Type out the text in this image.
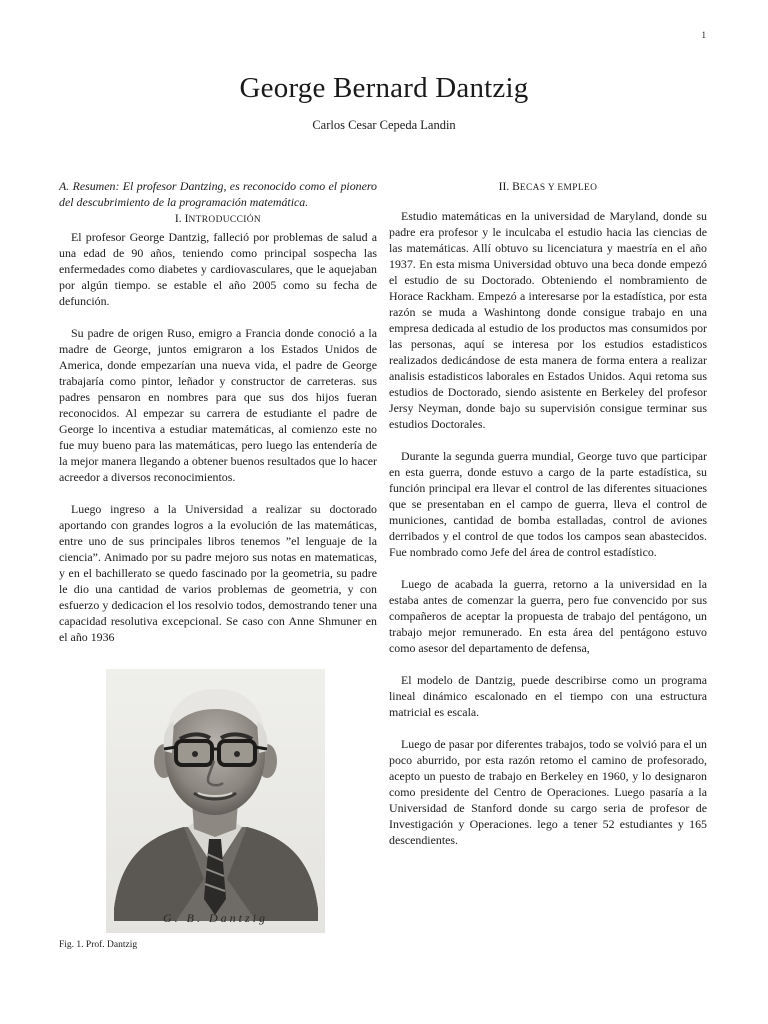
1
George Bernard Dantzig
Carlos Cesar Cepeda Landin

A. Resumen: El profesor Dantzing, es reconocido como el pionero del descubrimiento de la programación matemática.

I. INTRODUCCIÓN

El profesor George Dantzig, falleció por problemas de salud a una edad de 90 años, teniendo como principal sospecha las enfermedades como diabetes y cardiovasculares, que le aquejaban por algún tiempo. se estable el año 2005 como su fecha de defunción.

Su padre de origen Ruso, emigro a Francia donde conoció a la madre de George, juntos emigraron a los Estados Unidos de America, donde empezarían una nueva vida, el padre de George trabajaría como pintor, leñador y constructor de carreteras. sus padres pensaron en nombres para que sus dos hijos fueran reconocidos. Al empezar su carrera de estudiante el padre de George lo incentiva a estudiar matemáticas, al comienzo este no fue muy bueno para las matemáticas, pero luego las entendería de la mejor manera llegando a obtener buenos resultados que lo hacer acreedor a diversos reconocimientos.

Luego ingreso a la Universidad a realizar su doctorado aportando con grandes logros a la evolución de las matemáticas, entre uno de sus principales libros tenemos ”el lenguaje de la ciencia”. Animado por su padre mejoro sus notas en matematicas, y en el bachillerato se quedo fascinado por la geometria, su padre le dio una cantidad de varios problemas de geometria, y con esfuerzo y dedicacion el los resolvio todos, demostrando tener una capacidad resolutiva excepcional. Se caso con Anne Shmuner en el año 1936

G. B. Dantzig
Fig. 1. Prof. Dantzig
II. BECAS Y EMPLEO

Estudio matemáticas en la universidad de Maryland, donde su padre era profesor y le inculcaba el estudio hacia las ciencias de las matemáticas. Allí obtuvo su licenciatura y maestría en el año 1937. En esta misma Universidad obtuvo una beca donde empezó el estudio de su Doctorado. Obteniendo el nombramiento de Horace Rackham. Empezó a interesarse por la estadística, por esta razón se muda a Washintong donde consigue trabajo en una empresa dedicada al estudio de los productos mas consumidos por las personas, aquí se interesa por los estudios estadisticos realizados dedicándose de esta manera de forma entera a realizar analisis estadisticos laborales en Estados Unidos. Aqui retoma sus estudios de Doctorado, siendo asistente en Berkeley del profesor Jersy Neyman, donde bajo su supervisión consigue terminar sus estudios Doctorales.

Durante la segunda guerra mundial, George tuvo que participar en esta guerra, donde estuvo a cargo de la parte estadística, su función principal era llevar el control de las diferentes situaciones que se presentaban en el campo de guerra, lleva el control de municiones, cantidad de bomba estalladas, control de aviones derribados y el control de que todos los campos sean abastecidos. Fue nombrado como Jefe del área de control estadístico.

Luego de acabada la guerra, retorno a la universidad en la estaba antes de comenzar la guerra, pero fue convencido por sus compañeros de aceptar la propuesta de trabajo del pentágono, un trabajo mejor remunerado. En esta área del pentágono estuvo como asesor del departamento de defensa,

El modelo de Dantzig, puede describirse como un programa lineal dinámico escalonado en el tiempo con una estructura matricial es escala.

Luego de pasar por diferentes trabajos, todo se volvió para el un poco aburrido, por esta razón retomo el camino de profesorado, acepto un puesto de trabajo en Berkeley en 1960, y lo designaron como presidente del Centro de Operaciones. Luego pasaría a la Universidad de Stanford donde su cargo seria de profesor de Investigación y Operaciones. lego a tener 52 estudiantes y 165 descendientes.
